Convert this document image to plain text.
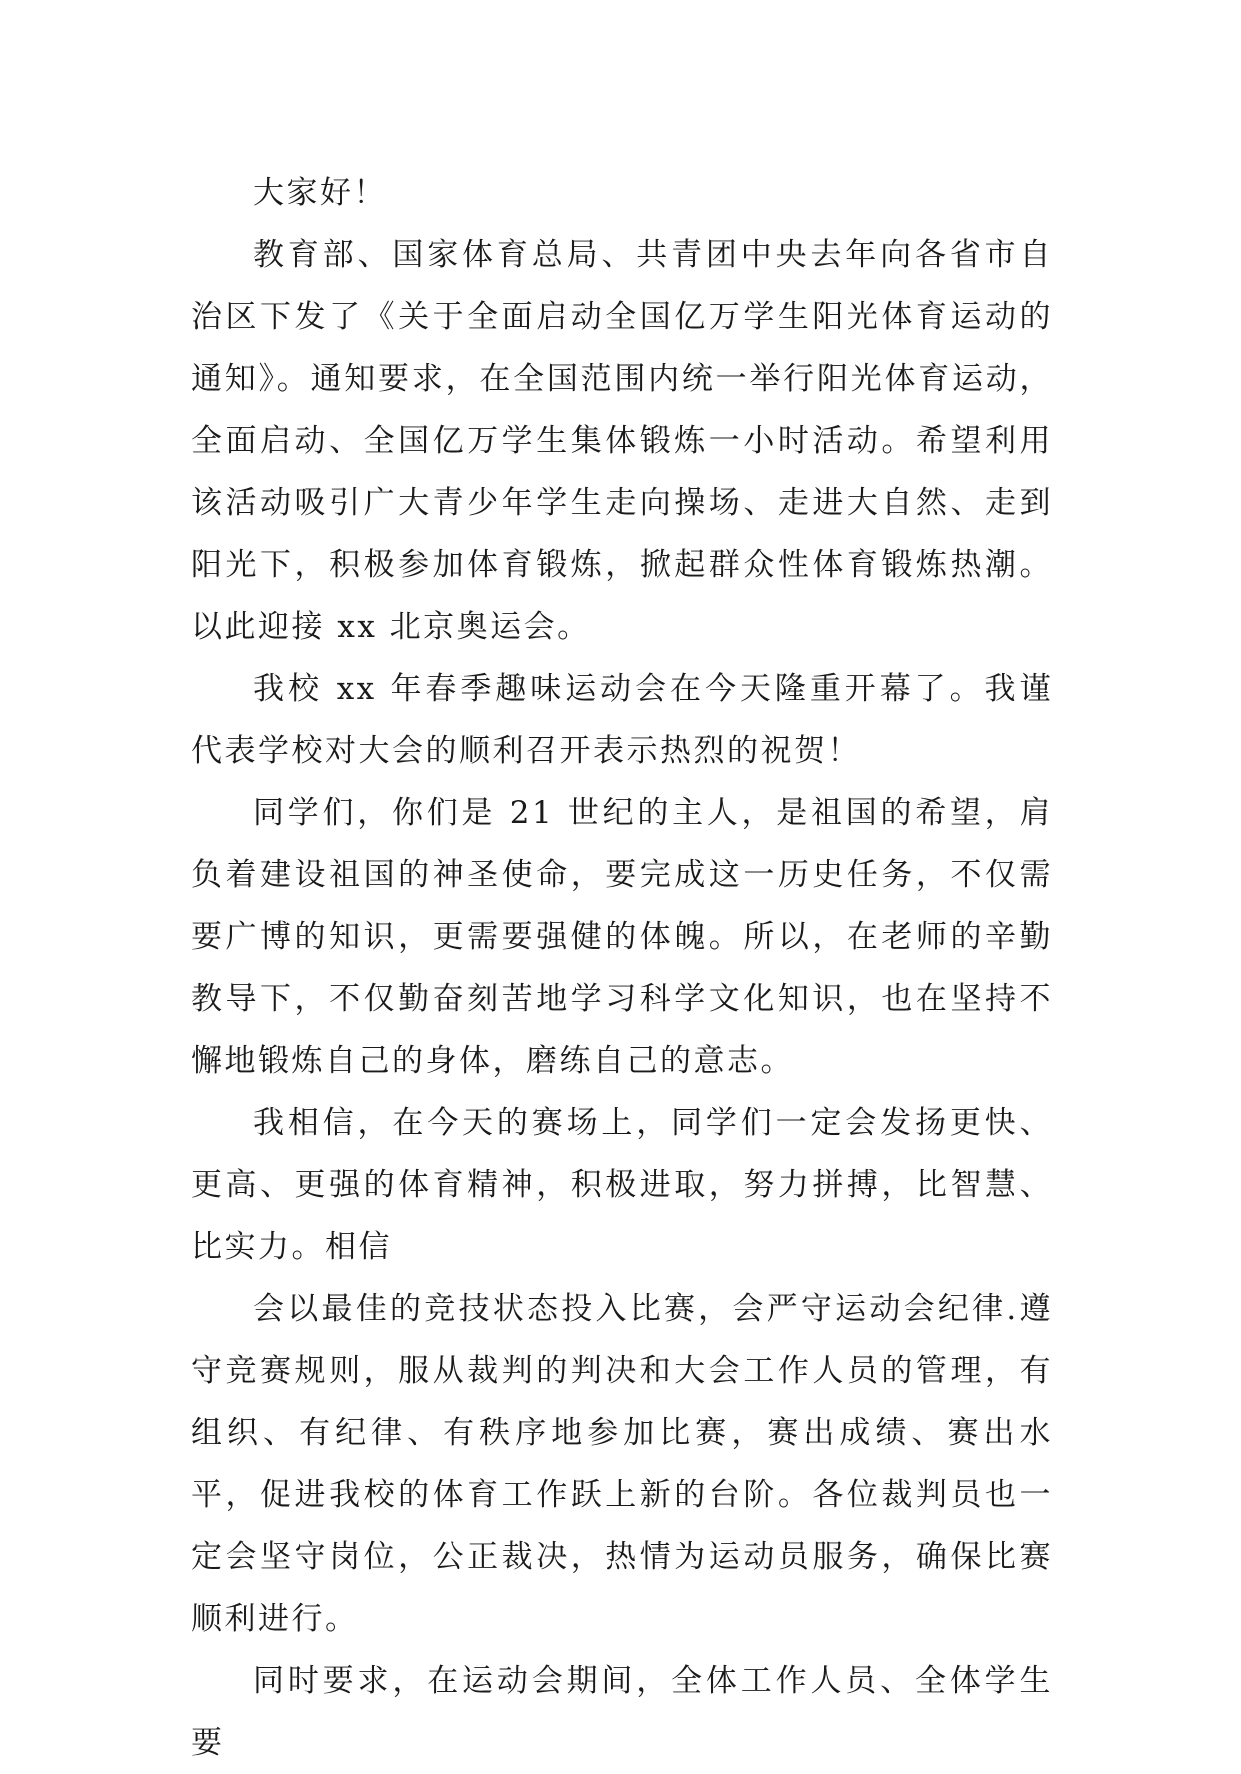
大家好！

教育部、国家体育总局、共青团中央去年向各省市自治区下发了《关于全面启动全国亿万学生阳光体育运动的通知》。通知要求，在全国范围内统一举行阳光体育运动，全面启动、全国亿万学生集体锻炼一小时活动。希望利用该活动吸引广大青少年学生走向操场、走进大自然、走到阳光下，积极参加体育锻炼，掀起群众性体育锻炼热潮。以此迎接 xx 北京奥运会。

我校 xx 年春季趣味运动会在今天隆重开幕了。我谨代表学校对大会的顺利召开表示热烈的祝贺！

同学们，你们是 21 世纪的主人，是祖国的希望，肩负着建设祖国的神圣使命，要完成这一历史任务，不仅需要广博的知识，更需要强健的体魄。所以，在老师的辛勤教导下，不仅勤奋刻苦地学习科学文化知识，也在坚持不懈地锻炼自己的身体，磨练自己的意志。

我相信，在今天的赛场上，同学们一定会发扬更快、更高、更强的体育精神，积极进取，努力拼搏，比智慧、比实力。相信

会以最佳的竞技状态投入比赛，会严守运动会纪律.遵守竞赛规则，服从裁判的判决和大会工作人员的管理，有组织、有纪律、有秩序地参加比赛，赛出成绩、赛出水平，促进我校的体育工作跃上新的台阶。各位裁判员也一定会坚守岗位，公正裁决，热情为运动员服务，确保比赛顺利进行。

同时要求，在运动会期间，全体工作人员、全体学生要
